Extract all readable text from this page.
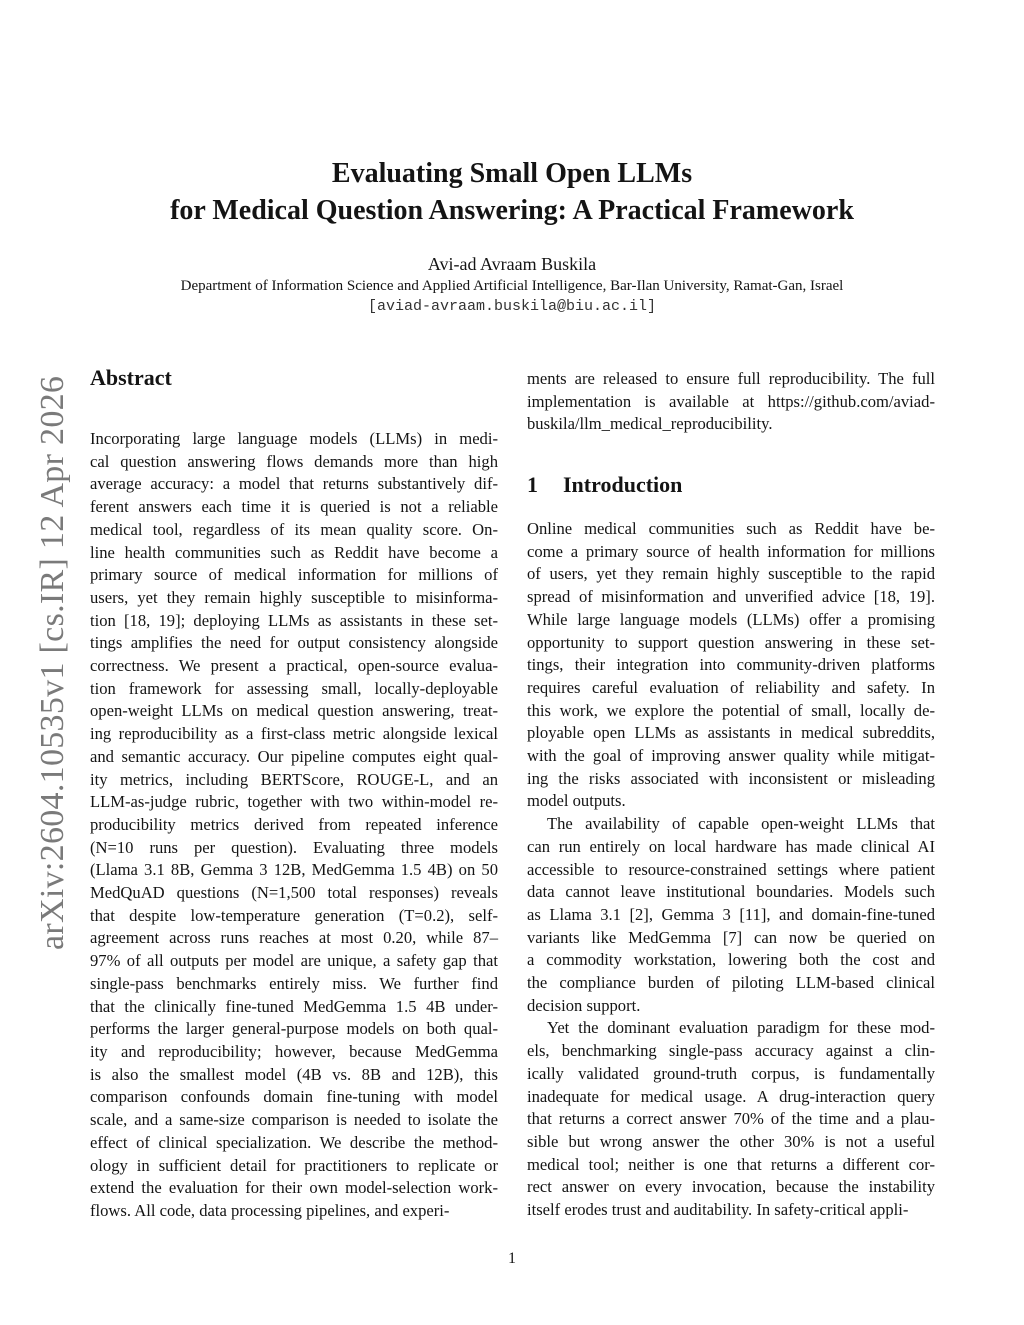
arXiv:2604.10535v1 [cs.IR] 12 Apr 2026
Evaluating Small Open LLMs
for Medical Question Answering: A Practical Framework
Avi-ad Avraam Buskila
Department of Information Science and Applied Artificial Intelligence, Bar-Ilan University, Ramat-Gan, Israel
[aviad-avraam.buskila@biu.ac.il]
Abstract
Incorporating large language models (LLMs) in medi-
cal question answering flows demands more than high
average accuracy: a model that returns substantively dif-
ferent answers each time it is queried is not a reliable
medical tool, regardless of its mean quality score. On-
line health communities such as Reddit have become a
primary source of medical information for millions of
users, yet they remain highly susceptible to misinforma-
tion [18, 19]; deploying LLMs as assistants in these set-
tings amplifies the need for output consistency alongside
correctness. We present a practical, open-source evalua-
tion framework for assessing small, locally-deployable
open-weight LLMs on medical question answering, treat-
ing reproducibility as a first-class metric alongside lexical
and semantic accuracy. Our pipeline computes eight qual-
ity metrics, including BERTScore, ROUGE-L, and an
LLM-as-judge rubric, together with two within-model re-
producibility metrics derived from repeated inference
(N=10 runs per question). Evaluating three models
(Llama 3.1 8B, Gemma 3 12B, MedGemma 1.5 4B) on 50
MedQuAD questions (N=1,500 total responses) reveals
that despite low-temperature generation (T=0.2), self-
agreement across runs reaches at most 0.20, while 87–
97% of all outputs per model are unique, a safety gap that
single-pass benchmarks entirely miss. We further find
that the clinically fine-tuned MedGemma 1.5 4B under-
performs the larger general-purpose models on both qual-
ity and reproducibility; however, because MedGemma
is also the smallest model (4B vs. 8B and 12B), this
comparison confounds domain fine-tuning with model
scale, and a same-size comparison is needed to isolate the
effect of clinical specialization. We describe the method-
ology in sufficient detail for practitioners to replicate or
extend the evaluation for their own model-selection work-
flows. All code, data processing pipelines, and experi-
ments are released to ensure full reproducibility. The full
implementation is available at https://github.com/aviad-
buskila/llm_medical_reproducibility.
1 Introduction
Online medical communities such as Reddit have be-
come a primary source of health information for millions
of users, yet they remain highly susceptible to the rapid
spread of misinformation and unverified advice [18, 19].
While large language models (LLMs) offer a promising
opportunity to support question answering in these set-
tings, their integration into community-driven platforms
requires careful evaluation of reliability and safety. In
this work, we explore the potential of small, locally de-
ployable open LLMs as assistants in medical subreddits,
with the goal of improving answer quality while mitigat-
ing the risks associated with inconsistent or misleading
model outputs.
The availability of capable open-weight LLMs that
can run entirely on local hardware has made clinical AI
accessible to resource-constrained settings where patient
data cannot leave institutional boundaries. Models such
as Llama 3.1 [2], Gemma 3 [11], and domain-fine-tuned
variants like MedGemma [7] can now be queried on
a commodity workstation, lowering both the cost and
the compliance burden of piloting LLM-based clinical
decision support.
Yet the dominant evaluation paradigm for these mod-
els, benchmarking single-pass accuracy against a clin-
ically validated ground-truth corpus, is fundamentally
inadequate for medical usage. A drug-interaction query
that returns a correct answer 70% of the time and a plau-
sible but wrong answer the other 30% is not a useful
medical tool; neither is one that returns a different cor-
rect answer on every invocation, because the instability
itself erodes trust and auditability. In safety-critical appli-
1
